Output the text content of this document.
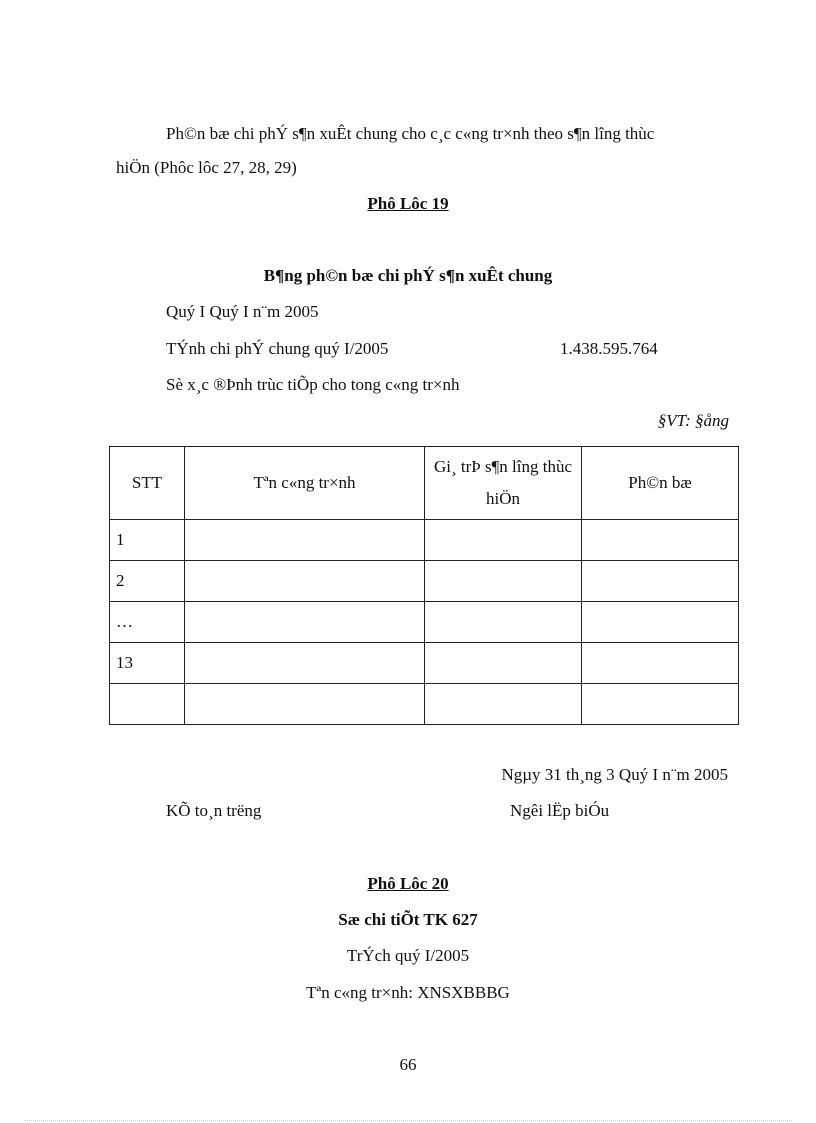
Ph©n bæ chi phÝ s¶n xuÊt chung cho c¸c c«ng tr×nh theo s¶n lîng thùc
hiÖn (Phôc lôc 27, 28, 29)
Phô Lôc 19
B¶ng ph©n bæ chi phÝ s¶n xuÊt chung
Quý I Quý I n¨m 2005
TÝnh chi phÝ chung quý I/2005	1.438.595.764
Sè x¸c ®Þnh trùc tiÕp cho tong c«ng tr×nh
§VT: §ång
STT	Tªn c«ng tr×nh	Gi¸ trÞ s¶n lîng thùc hiÖn	Ph©n bæ
1			
2			
…			
13			

Ngµy 31 th¸ng 3 Quý I n¨m 2005
KÕ to¸n trëng	Ngêi lËp biÓu
Phô Lôc 20
Sæ chi tiÕt TK 627
TrÝch quý I/2005
Tªn c«ng tr×nh: XNSXBBBG
66
